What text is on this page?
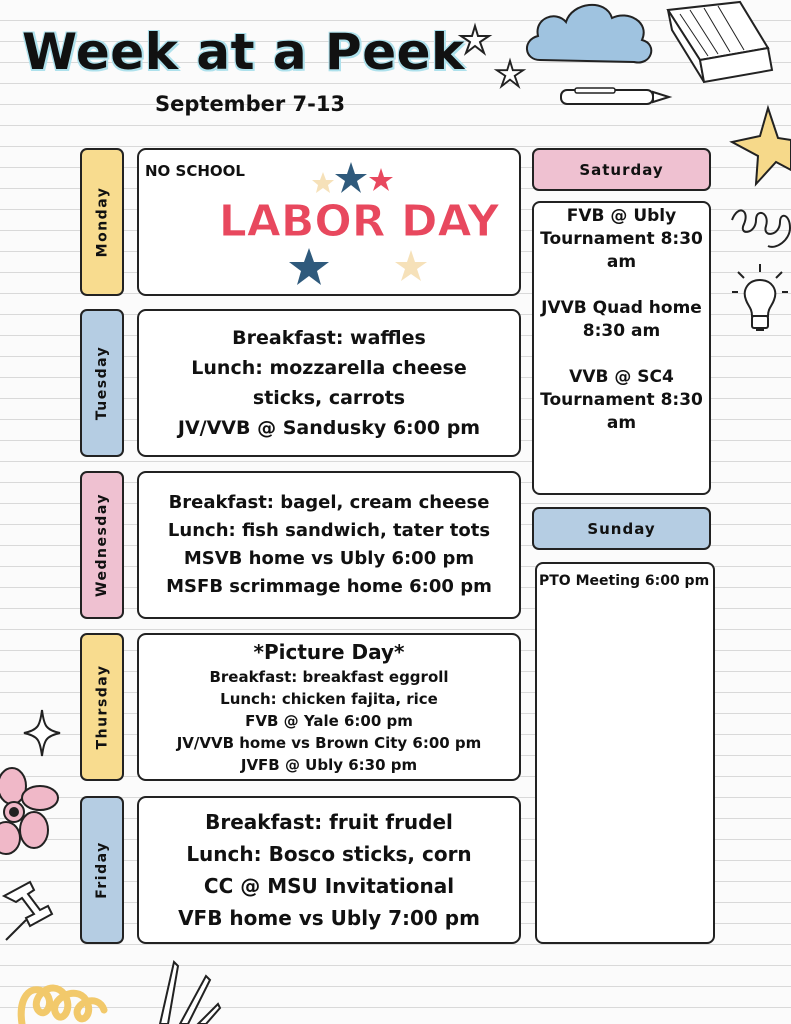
Week at a Peek
September 7-13
Monday
Tuesday
Wednesday
Thursday
Friday
NO SCHOOL
LABOR DAY
Breakfast: waffles
Lunch: mozzarella cheese
sticks, carrots
JV/VVB @ Sandusky 6:00 pm
Breakfast: bagel, cream cheese
Lunch: fish sandwich, tater tots
MSVB home vs Ubly 6:00 pm
MSFB scrimmage home 6:00 pm
*Picture Day*
Breakfast: breakfast eggroll
Lunch: chicken fajita, rice
FVB @ Yale 6:00 pm
JV/VVB home vs Brown City 6:00 pm
JVFB @ Ubly 6:30 pm
Breakfast: fruit frudel
Lunch: Bosco sticks, corn
CC @ MSU Invitational
VFB home vs Ubly 7:00 pm
Saturday
FVB @ Ubly Tournament 8:30 am
JVVB Quad home 8:30 am
VVB @ SC4 Tournament 8:30 am
Sunday
PTO Meeting 6:00 pm
